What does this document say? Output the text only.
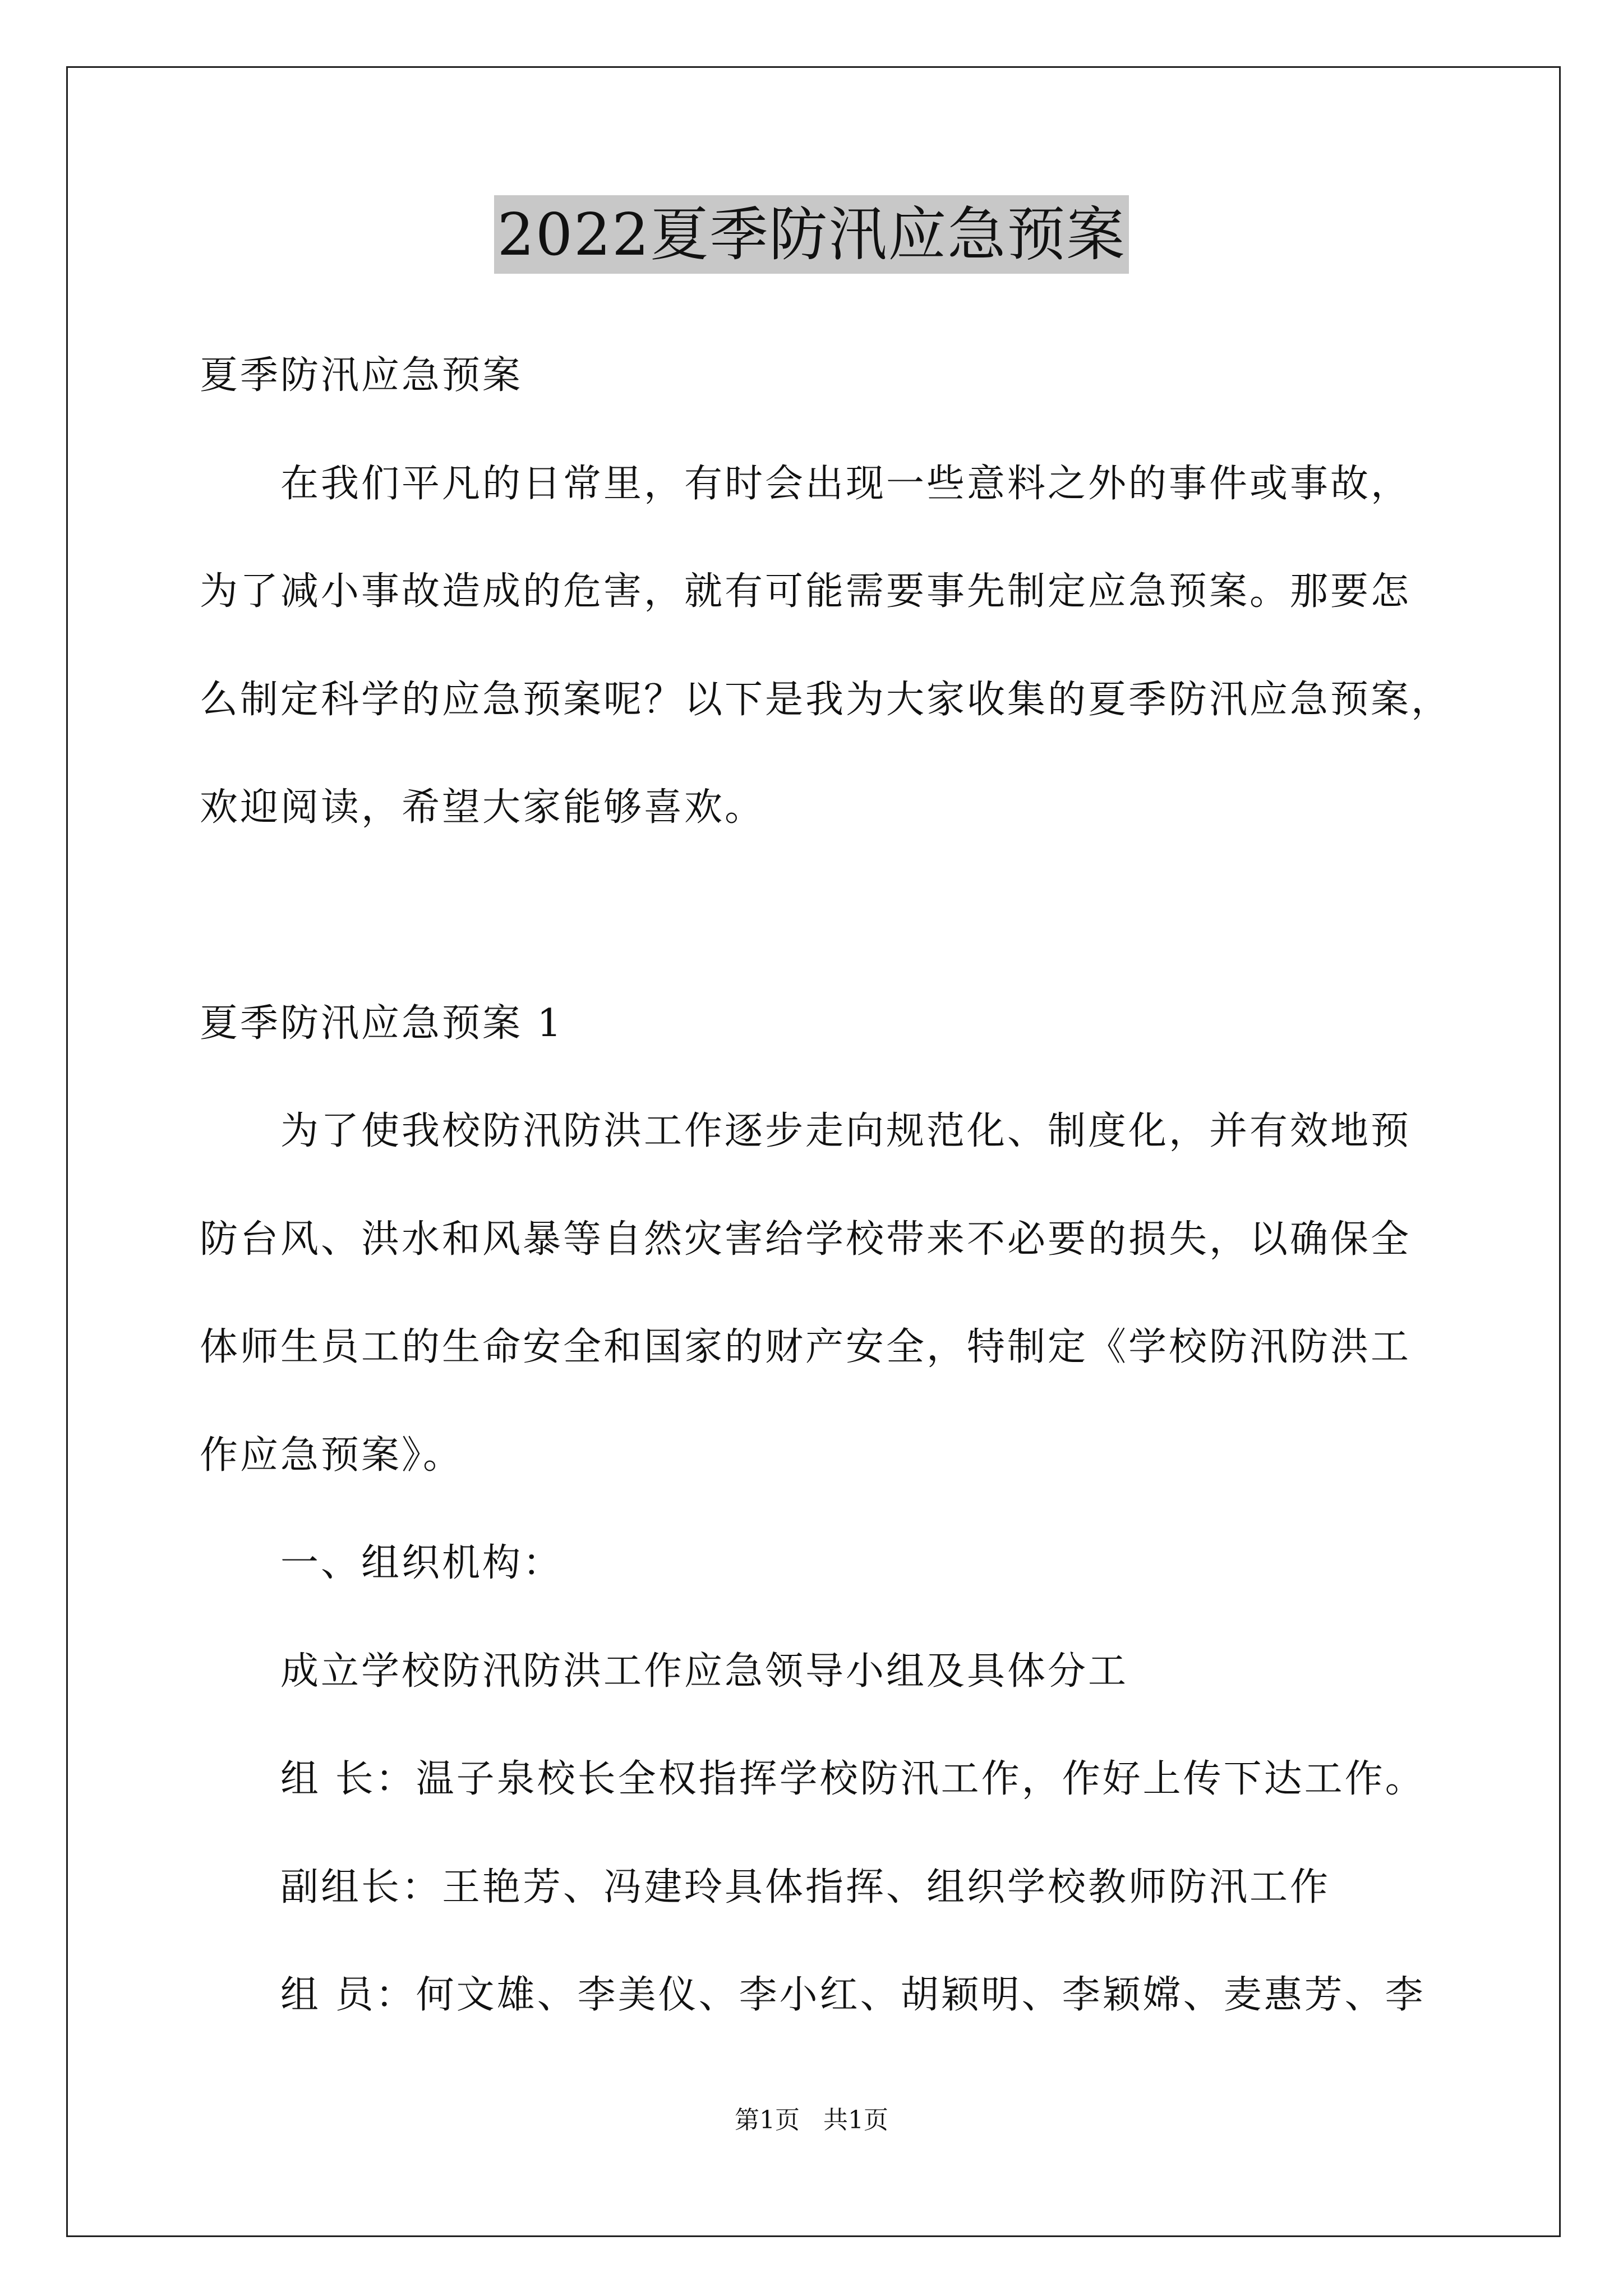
2022夏季防汛应急预案
夏季防汛应急预案
在我们平凡的日常里，有时会出现一些意料之外的事件或事故，
为了减小事故造成的危害，就有可能需要事先制定应急预案。那要怎
么制定科学的应急预案呢？以下是我为大家收集的夏季防汛应急预案，
欢迎阅读，希望大家能够喜欢。
夏季防汛应急预案 1
为了使我校防汛防洪工作逐步走向规范化、制度化，并有效地预
防台风、洪水和风暴等自然灾害给学校带来不必要的损失，以确保全
体师生员工的生命安全和国家的财产安全，特制定《学校防汛防洪工
作应急预案》。
一、组织机构：
成立学校防汛防洪工作应急领导小组及具体分工
组 长：温子泉校长全权指挥学校防汛工作，作好上传下达工作。
副组长：王艳芳、冯建玲具体指挥、组织学校教师防汛工作
组 员：何文雄、李美仪、李小红、胡颖明、李颖嫦、麦惠芳、李
第1页   共1页
